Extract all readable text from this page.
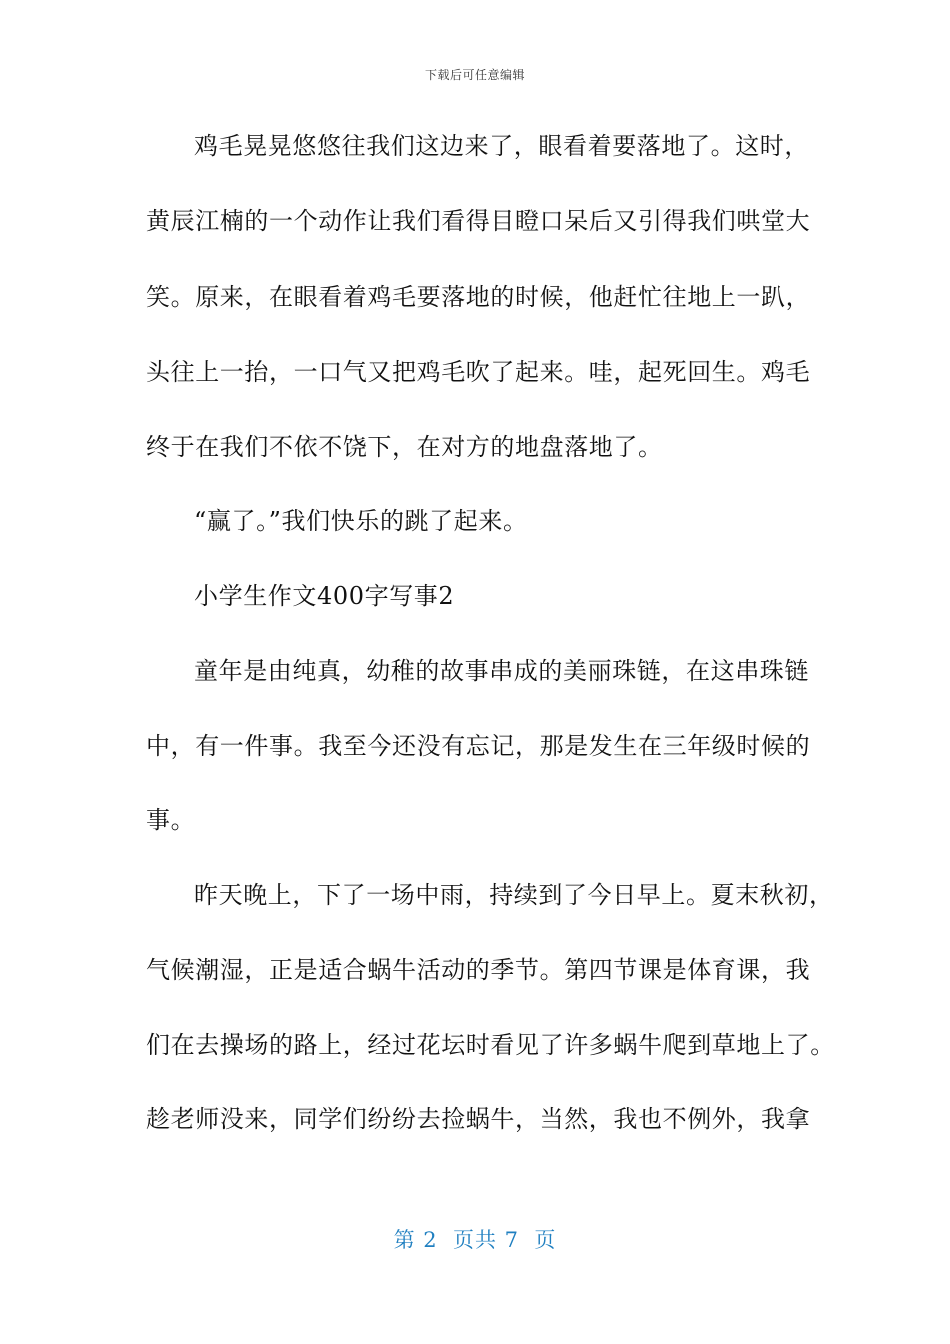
下载后可任意编辑
鸡毛晃晃悠悠往我们这边来了，眼看着要落地了。这时，
黄辰江楠的一个动作让我们看得目瞪口呆后又引得我们哄堂大
笑。原来，在眼看着鸡毛要落地的时候，他赶忙往地上一趴，
头往上一抬，一口气又把鸡毛吹了起来。哇，起死回生。鸡毛
终于在我们不依不饶下，在对方的地盘落地了。
“赢了。”我们快乐的跳了起来。
小学生作文400字写事2
童年是由纯真，幼稚的故事串成的美丽珠链，在这串珠链
中，有一件事。我至今还没有忘记，那是发生在三年级时候的
事。
昨天晚上，下了一场中雨，持续到了今日早上。夏末秋初，
气候潮湿，正是适合蜗牛活动的季节。第四节课是体育课，我
们在去操场的路上，经过花坛时看见了许多蜗牛爬到草地上了。
趁老师没来，同学们纷纷去捡蜗牛，当然，我也不例外，我拿
第 2  页共 7  页
